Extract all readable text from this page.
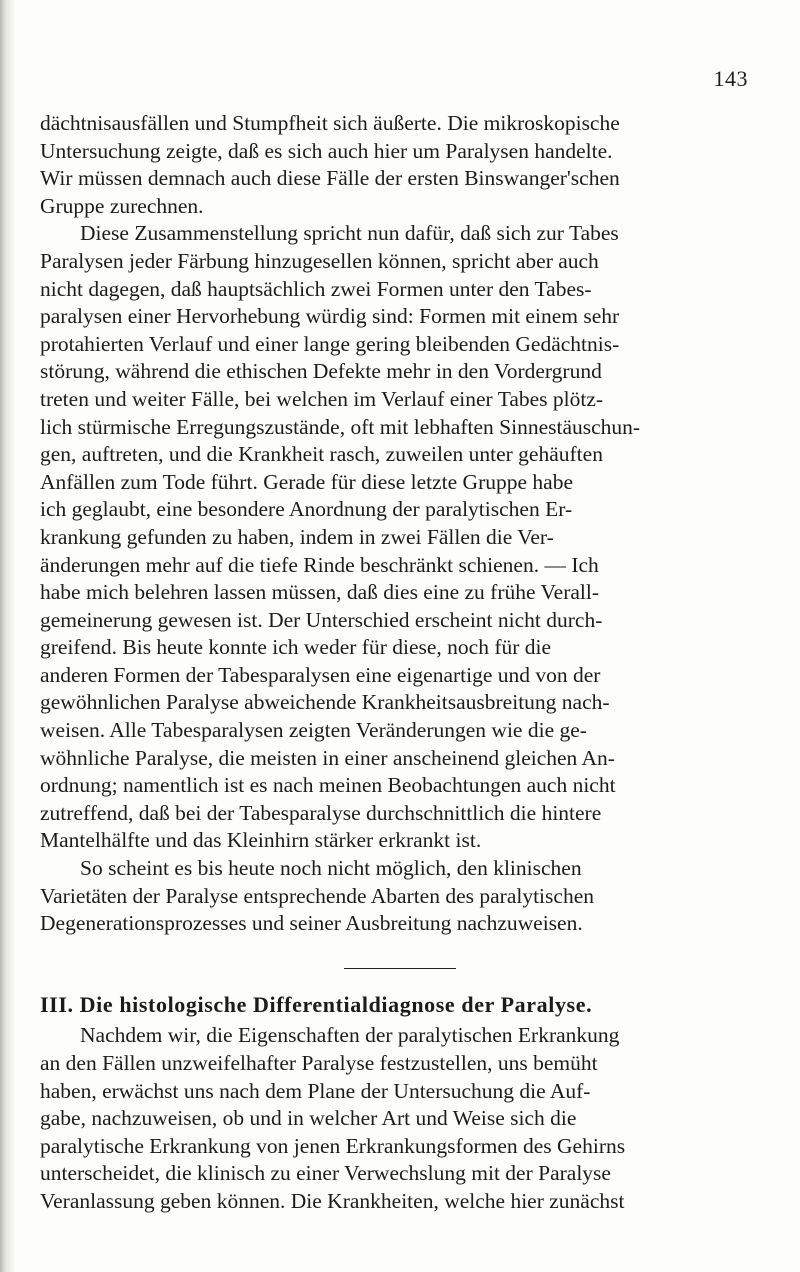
143

dächtnisausfällen und Stumpfheit sich äußerte. Die mikroskopische
Untersuchung zeigte, daß es sich auch hier um Paralysen handelte.
Wir müssen demnach auch diese Fälle der ersten Binswanger'schen
Gruppe zurechnen.

Diese Zusammenstellung spricht nun dafür, daß sich zur Tabes
Paralysen jeder Färbung hinzugesellen können, spricht aber auch
nicht dagegen, daß hauptsächlich zwei Formen unter den Tabes-
paralysen einer Hervorhebung würdig sind: Formen mit einem sehr
protahierten Verlauf und einer lange gering bleibenden Gedächtnis-
störung, während die ethischen Defekte mehr in den Vordergrund
treten und weiter Fälle, bei welchen im Verlauf einer Tabes plötz-
lich stürmische Erregungszustände, oft mit lebhaften Sinnestäuschun-
gen, auftreten, und die Krankheit rasch, zuweilen unter gehäuften
Anfällen zum Tode führt. Gerade für diese letzte Gruppe habe
ich geglaubt, eine besondere Anordnung der paralytischen Er-
krankung gefunden zu haben, indem in zwei Fällen die Ver-
änderungen mehr auf die tiefe Rinde beschränkt schienen. — Ich
habe mich belehren lassen müssen, daß dies eine zu frühe Verall-
gemeinerung gewesen ist. Der Unterschied erscheint nicht durch-
greifend. Bis heute konnte ich weder für diese, noch für die
anderen Formen der Tabesparalysen eine eigenartige und von der
gewöhnlichen Paralyse abweichende Krankheitsausbreitung nach-
weisen. Alle Tabesparalysen zeigten Veränderungen wie die ge-
wöhnliche Paralyse, die meisten in einer anscheinend gleichen An-
ordnung; namentlich ist es nach meinen Beobachtungen auch nicht
zutreffend, daß bei der Tabesparalyse durchschnittlich die hintere
Mantelhälfte und das Kleinhirn stärker erkrankt ist.

So scheint es bis heute noch nicht möglich, den klinischen
Varietäten der Paralyse entsprechende Abarten des paralytischen
Degenerationsprozesses und seiner Ausbreitung nachzuweisen.

III. Die histologische Differentialdiagnose der Paralyse.

Nachdem wir, die Eigenschaften der paralytischen Erkrankung
an den Fällen unzweifelhafter Paralyse festzustellen, uns bemüht
haben, erwächst uns nach dem Plane der Untersuchung die Auf-
gabe, nachzuweisen, ob und in welcher Art und Weise sich die
paralytische Erkrankung von jenen Erkrankungsformen des Gehirns
unterscheidet, die klinisch zu einer Verwechslung mit der Paralyse
Veranlassung geben können. Die Krankheiten, welche hier zunächst
